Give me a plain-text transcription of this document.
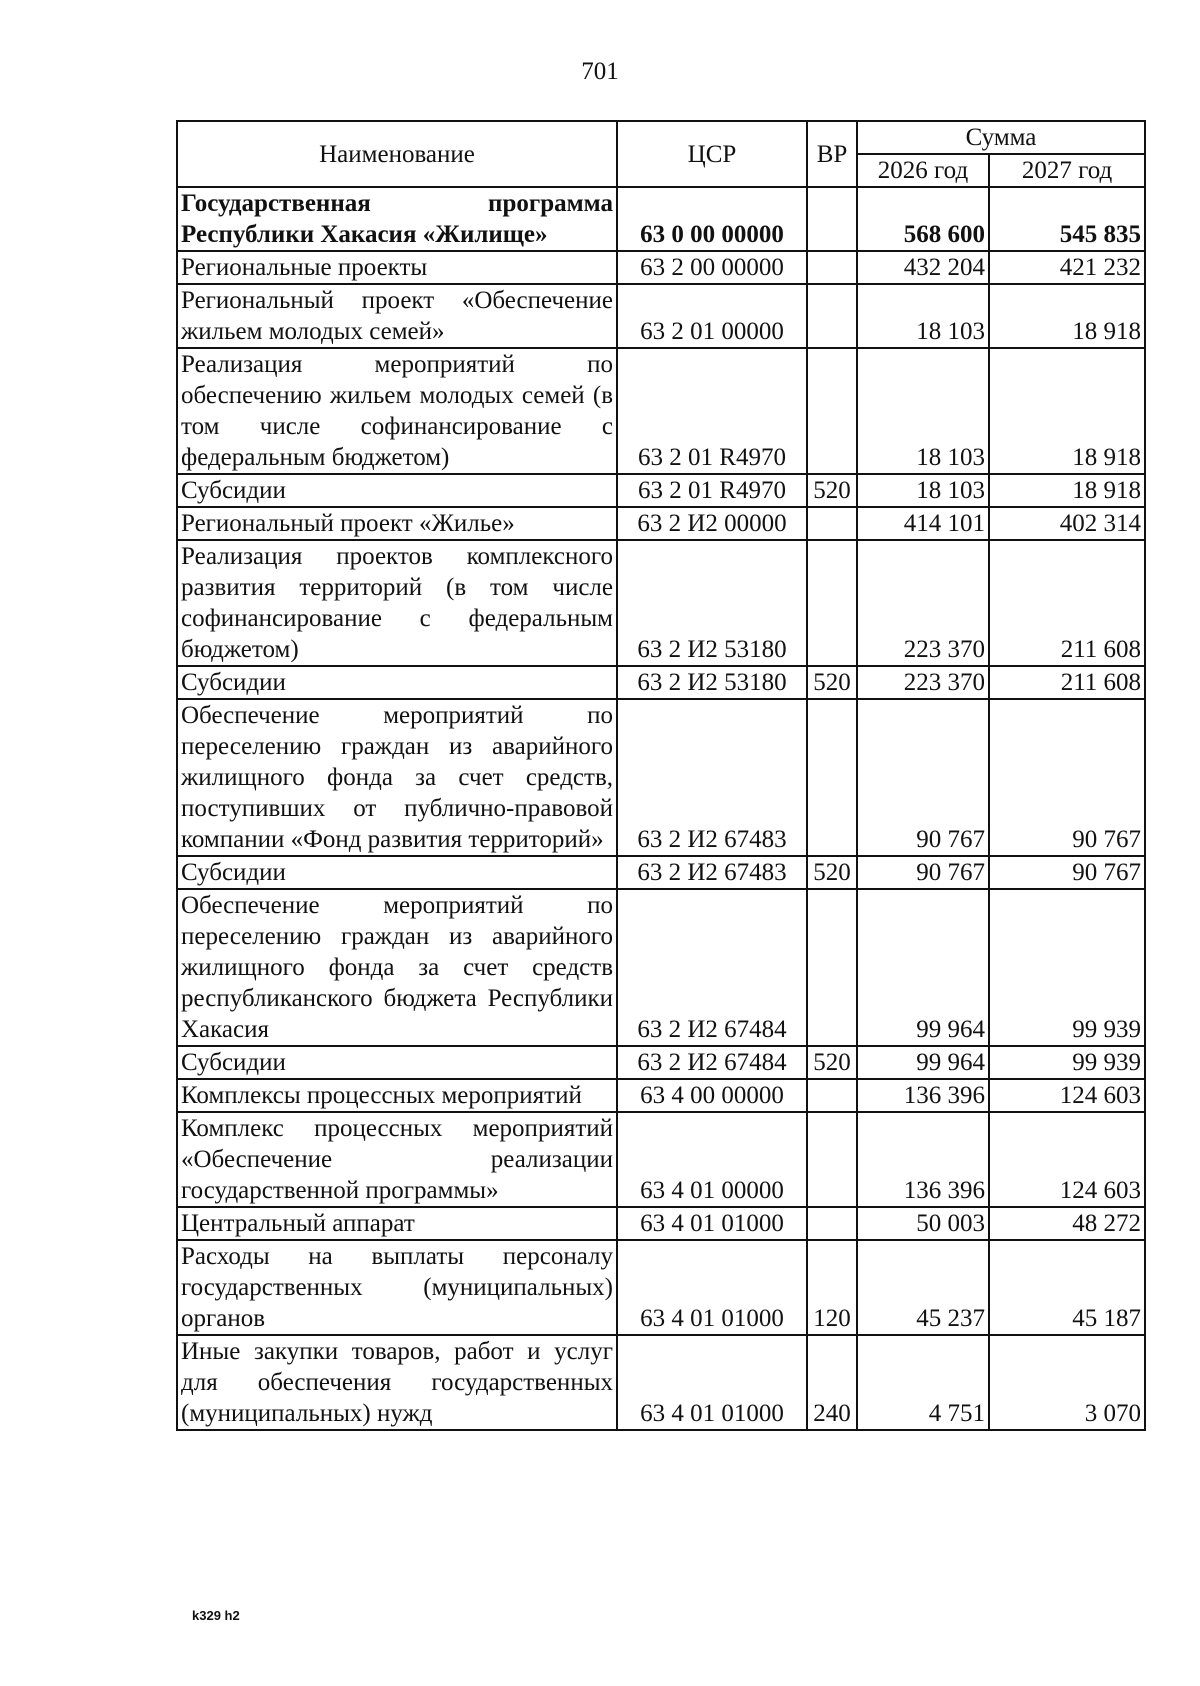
701
Наименование	ЦСР	ВР	Сумма	
			2026 год	2027 год
Государственная программа Республики Хакасия «Жилище»	63 0 00 00000		568 600	545 835
Региональные проекты	63 2 00 00000		432 204	421 232
Региональный проект «Обеспечение жильем молодых семей»	63 2 01 00000		18 103	18 918
Реализация мероприятий по обеспечению жильем молодых семей (в том числе софинансирование с федеральным бюджетом)	63 2 01 R4970		18 103	18 918
Субсидии	63 2 01 R4970	520	18 103	18 918
Региональный проект «Жилье»	63 2 И2 00000		414 101	402 314
Реализация проектов комплексного развития территорий (в том числе софинансирование с федеральным бюджетом)	63 2 И2 53180		223 370	211 608
Субсидии	63 2 И2 53180	520	223 370	211 608
Обеспечение мероприятий по переселению граждан из аварийного жилищного фонда за счет средств, поступивших от публично-правовой компании «Фонд развития территорий»	63 2 И2 67483		90 767	90 767
Субсидии	63 2 И2 67483	520	90 767	90 767
Обеспечение мероприятий по переселению граждан из аварийного жилищного фонда за счет средств республиканского бюджета Республики Хакасия	63 2 И2 67484		99 964	99 939
Субсидии	63 2 И2 67484	520	99 964	99 939
Комплексы процессных мероприятий	63 4 00 00000		136 396	124 603
Комплекс процессных мероприятий «Обеспечение реализации государственной программы»	63 4 01 00000		136 396	124 603
Центральный аппарат	63 4 01 01000		50 003	48 272
Расходы на выплаты персоналу государственных (муниципальных) органов	63 4 01 01000	120	45 237	45 187
Иные закупки товаров, работ и услуг для обеспечения государственных (муниципальных) нужд	63 4 01 01000	240	4 751	3 070
k329 h2
